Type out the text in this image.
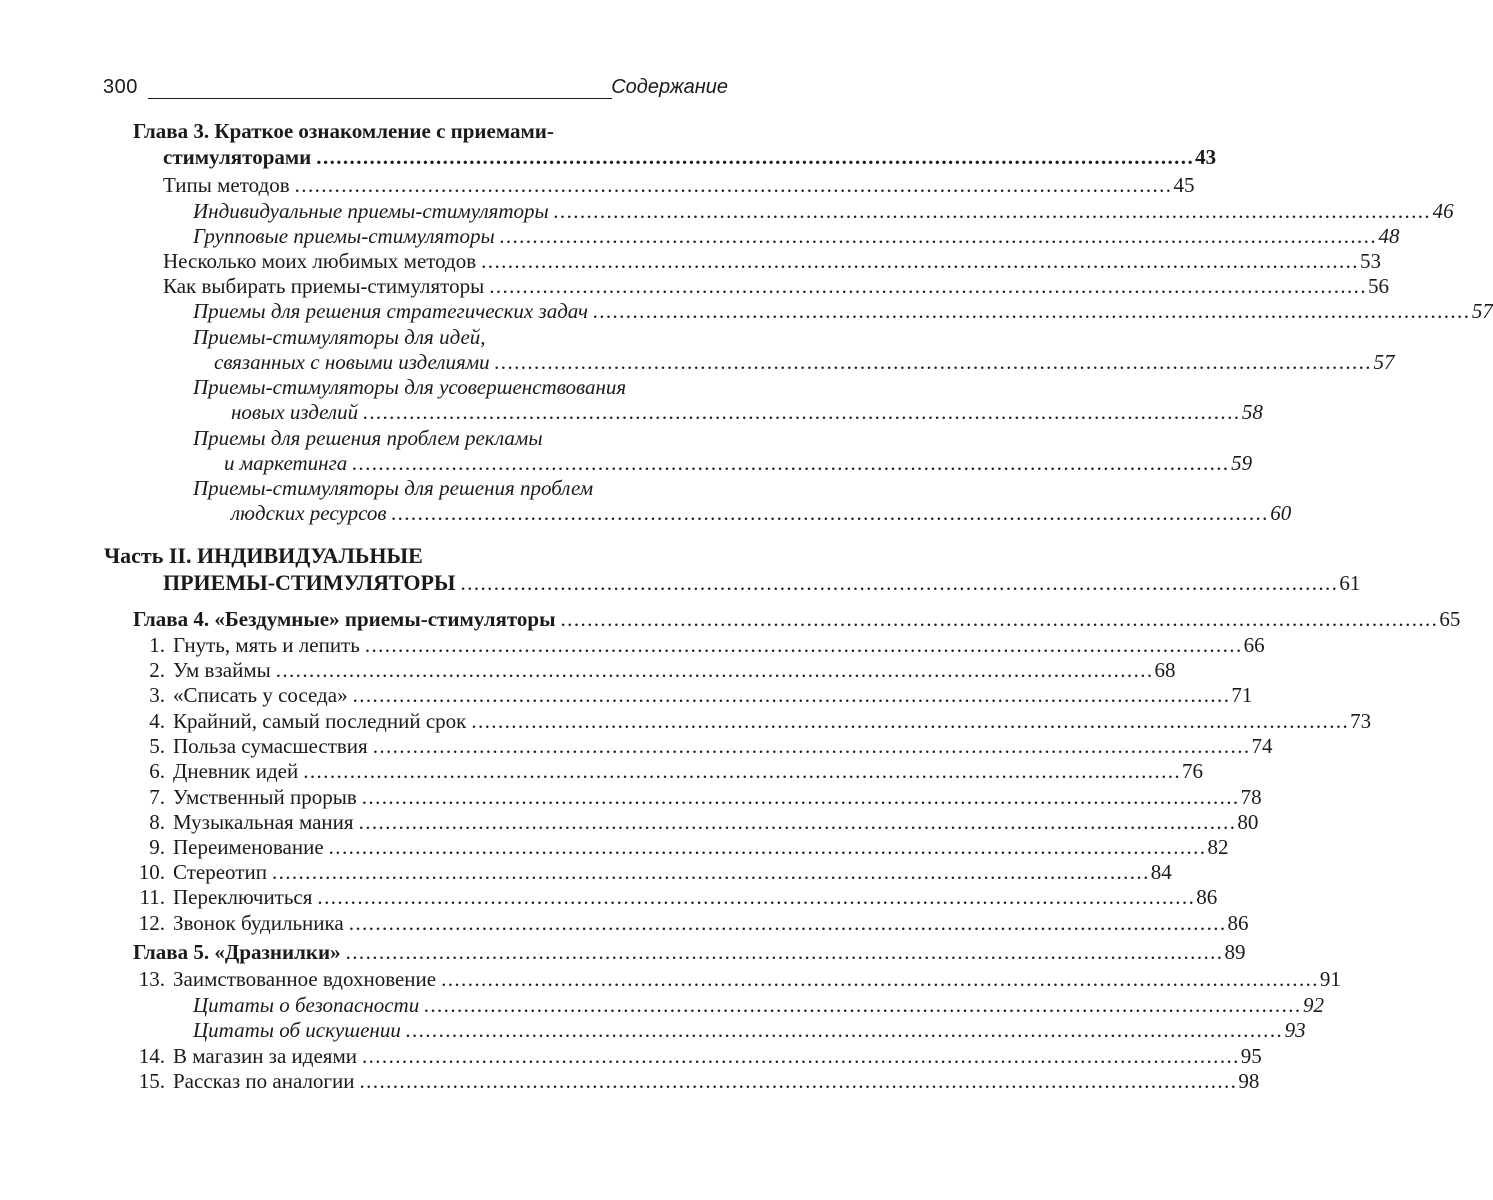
300	Содержание
Глава 3. Краткое ознакомление с приемами-
стимуляторами .................................................................................................................................... 43
Типы методов .................................................................................................................................... 45
Индивидуальные приемы-стимуляторы .................................................................................................................................... 46
Групповые приемы-стимуляторы .................................................................................................................................... 48
Несколько моих любимых методов .................................................................................................................................... 53
Как выбирать приемы-стимуляторы .................................................................................................................................... 56
Приемы для решения стратегических задач .................................................................................................................................... 57
Приемы-стимуляторы для идей,
связанных с новыми изделиями .................................................................................................................................... 57
Приемы-стимуляторы для усовершенствования
новых изделий .................................................................................................................................... 58
Приемы для решения проблем рекламы
и маркетинга .................................................................................................................................... 59
Приемы-стимуляторы для решения проблем
людских ресурсов .................................................................................................................................... 60
Часть II. ИНДИВИДУАЛЬНЫЕ
ПРИЕМЫ-СТИМУЛЯТОРЫ .................................................................................................................................... 61
Глава 4. «Бездумные» приемы-стимуляторы .................................................................................................................................... 65
1. Гнуть, мять и лепить .................................................................................................................................... 66
2. Ум взаймы .................................................................................................................................... 68
3. «Списать у соседа» .................................................................................................................................... 71
4. Крайний, самый последний срок .................................................................................................................................... 73
5. Польза сумасшествия .................................................................................................................................... 74
6. Дневник идей .................................................................................................................................... 76
7. Умственный прорыв .................................................................................................................................... 78
8. Музыкальная мания .................................................................................................................................... 80
9. Переименование .................................................................................................................................... 82
10. Стереотип .................................................................................................................................... 84
11. Переключиться .................................................................................................................................... 86
12. Звонок будильника .................................................................................................................................... 86
Глава 5. «Дразнилки» .................................................................................................................................... 89
13. Заимствованное вдохновение .................................................................................................................................... 91
Цитаты о безопасности .................................................................................................................................... 92
Цитаты об искушении .................................................................................................................................... 93
14. В магазин за идеями .................................................................................................................................... 95
15. Рассказ по аналогии .................................................................................................................................... 98
